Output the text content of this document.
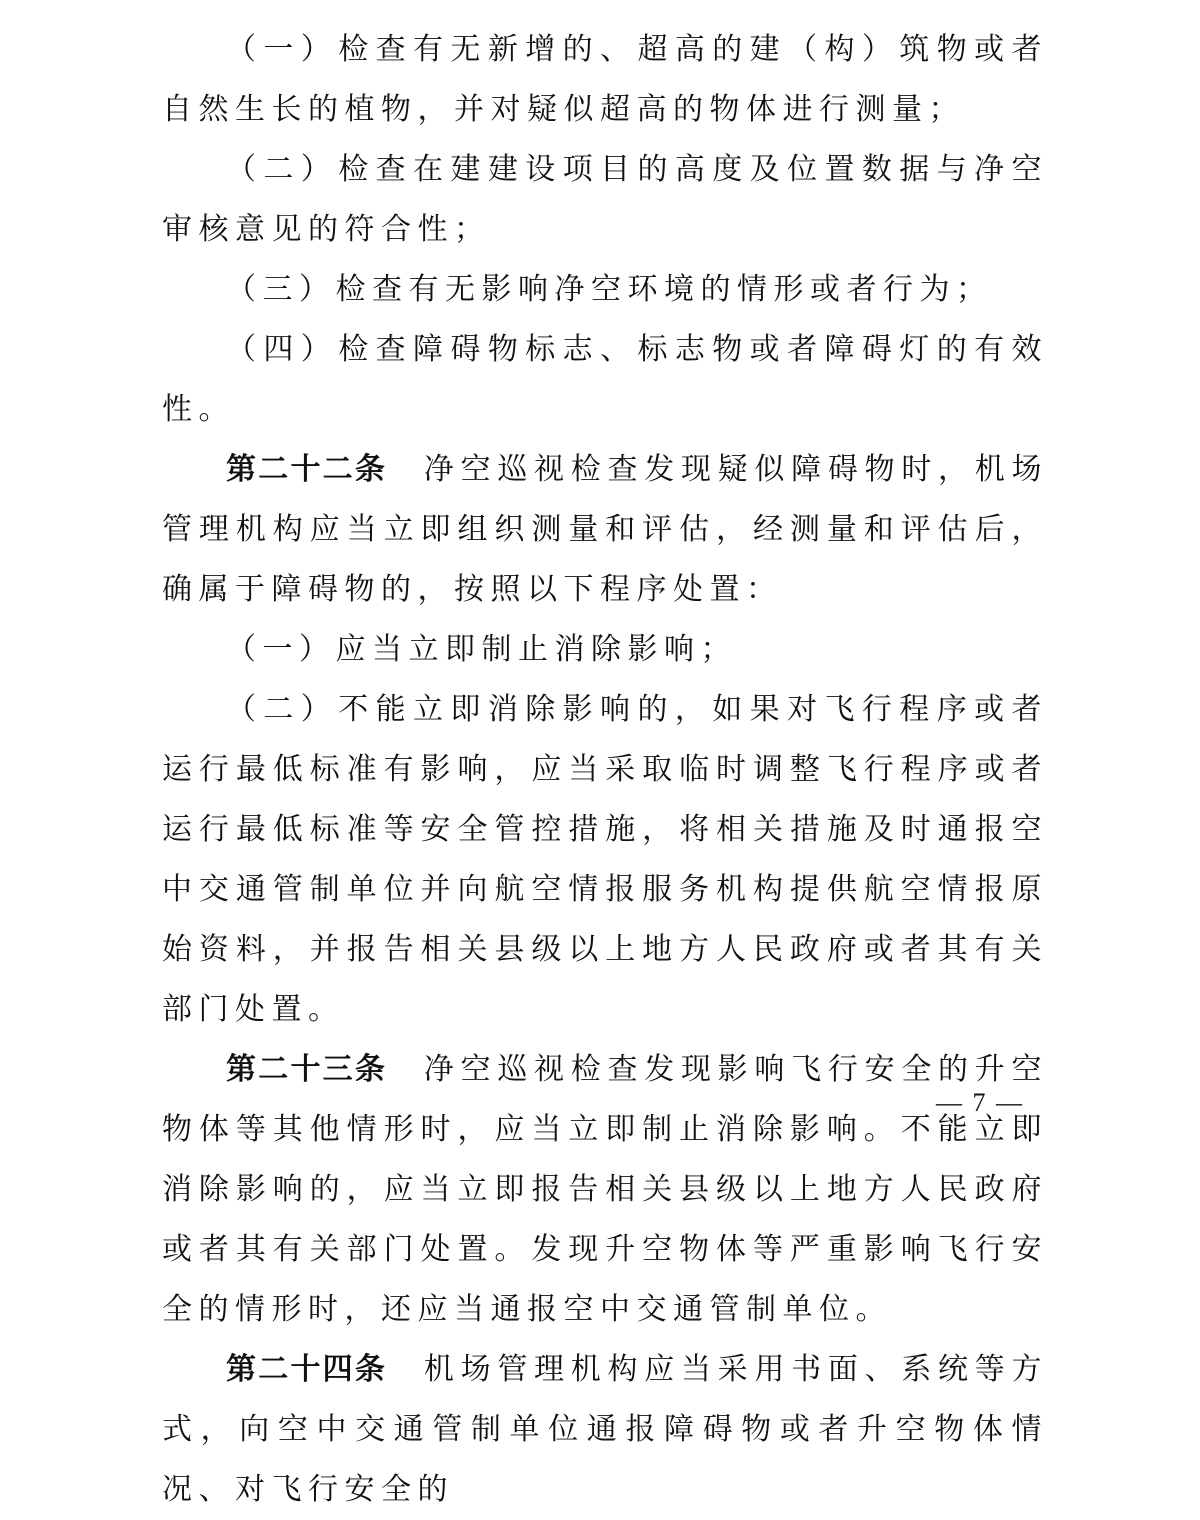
（一）检查有无新增的、超高的建（构）筑物或者自然生长的植物，并对疑似超高的物体进行测量；

（二）检查在建建设项目的高度及位置数据与净空审核意见的符合性；

（三）检查有无影响净空环境的情形或者行为；

（四）检查障碍物标志、标志物或者障碍灯的有效性。

第二十二条  净空巡视检查发现疑似障碍物时，机场管理机构应当立即组织测量和评估，经测量和评估后，确属于障碍物的，按照以下程序处置：

（一）应当立即制止消除影响；

（二）不能立即消除影响的，如果对飞行程序或者运行最低标准有影响，应当采取临时调整飞行程序或者运行最低标准等安全管控措施，将相关措施及时通报空中交通管制单位并向航空情报服务机构提供航空情报原始资料，并报告相关县级以上地方人民政府或者其有关部门处置。

第二十三条  净空巡视检查发现影响飞行安全的升空物体等其他情形时，应当立即制止消除影响。不能立即消除影响的，应当立即报告相关县级以上地方人民政府或者其有关部门处置。发现升空物体等严重影响飞行安全的情形时，还应当通报空中交通管制单位。

第二十四条  机场管理机构应当采用书面、系统等方式，向空中交通管制单位通报障碍物或者升空物体情况、对飞行安全的

— 7 —
